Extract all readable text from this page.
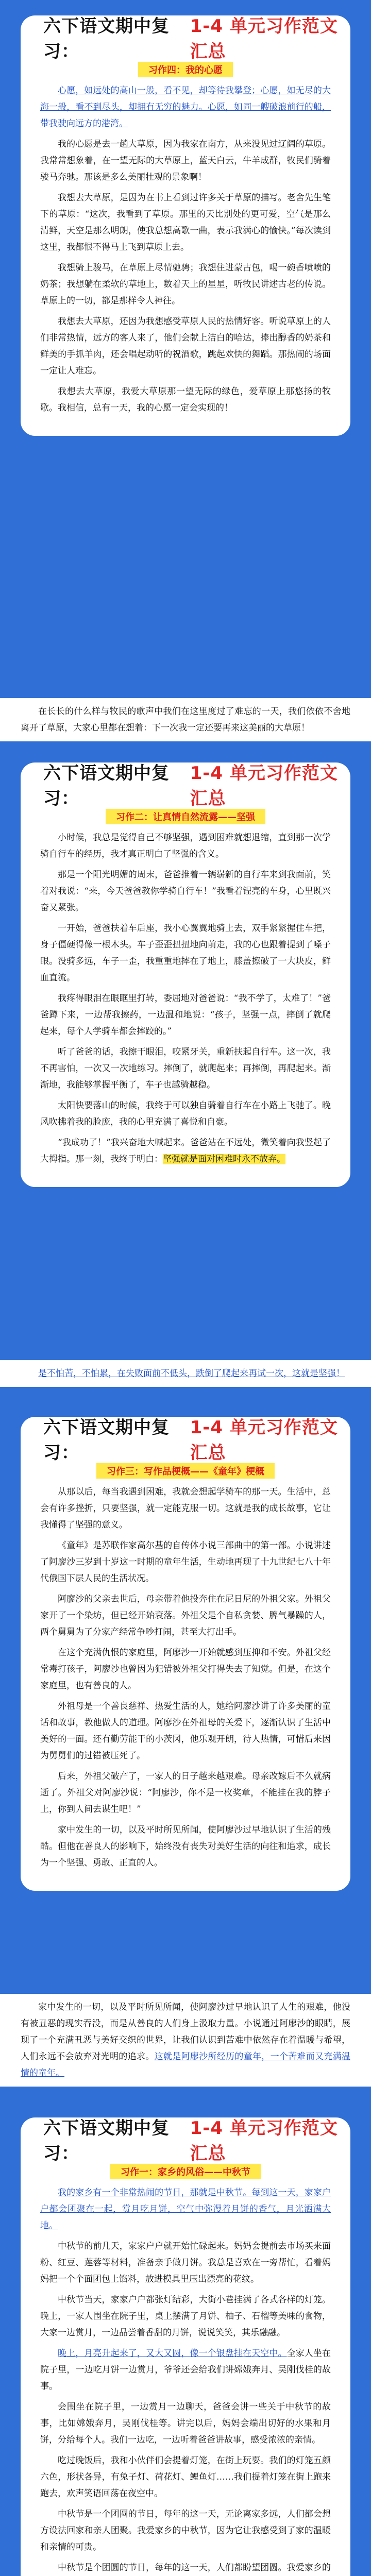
六下语文期中复习：
1-4 单元习作范文汇总
习作四：我的心愿

心愿，如远处的高山一般，看不见，却等待我攀登；心愿，如无尽的大海一般，看不到尽头，却拥有无穷的魅力。心愿，如同一艘破浪前行的船，带我驶向远方的港湾。

我的心愿是去一趟大草原，因为我家在南方，从来没见过辽阔的草原。我常常想象着，在一望无际的大草原上，蓝天白云，牛羊成群，牧民们骑着骏马奔驰。那该是多么美丽壮观的景象啊！

我想去大草原，是因为在书上看到过许多关于草原的描写。老舍先生笔下的草原：“这次，我看到了草原。那里的天比别处的更可爱，空气是那么清鲜，天空是那么明朗，使我总想高歌一曲，表示我满心的愉快。”每次读到这里，我都恨不得马上飞到草原上去。

我想骑上骏马，在草原上尽情驰骋；我想住进蒙古包，喝一碗香喷喷的奶茶；我想躺在柔软的草地上，数着天上的星星，听牧民讲述古老的传说。草原上的一切，都是那样令人神往。

我想去大草原，还因为我想感受草原人民的热情好客。听说草原上的人们非常热情，远方的客人来了，他们会献上洁白的哈达，捧出醇香的奶茶和鲜美的手抓羊肉，还会唱起动听的祝酒歌，跳起欢快的舞蹈。那热闹的场面一定让人难忘。

我想去大草原，我爱大草原那一望无际的绿色，爱草原上那悠扬的牧歌。我相信，总有一天，我的心愿一定会实现的！

在长长的什么样与牧民的歌声中我们在这里度过了难忘的一天，我们依依不舍地离开了草原，大家心里都在想着：下一次我一定还要再来这美丽的大草原！

六下语文期中复习：
1-4 单元习作范文汇总
习作二：让真情自然流露——坚强

小时候，我总是觉得自己不够坚强，遇到困难就想退缩，直到那一次学骑自行车的经历，我才真正明白了坚强的含义。

那是一个阳光明媚的周末，爸爸推着一辆崭新的自行车来到我面前，笑着对我说：“来，今天爸爸教你学骑自行车！”我看着锃亮的车身，心里既兴奋又紧张。

一开始，爸爸扶着车后座，我小心翼翼地骑上去，双手紧紧握住车把，身子僵硬得像一根木头。车子歪歪扭扭地向前走，我的心也跟着提到了嗓子眼。没骑多远，车子一歪，我重重地摔在了地上，膝盖擦破了一大块皮，鲜血直流。

我疼得眼泪在眼眶里打转，委屈地对爸爸说：“我不学了，太难了！”爸爸蹲下来，一边帮我擦药，一边温和地说：“孩子，坚强一点，摔倒了就爬起来，每个人学骑车都会摔跤的。”

听了爸爸的话，我擦干眼泪，咬紧牙关，重新扶起自行车。这一次，我不再害怕，一次又一次地练习。摔倒了，就爬起来；再摔倒，再爬起来。渐渐地，我能够掌握平衡了，车子也越骑越稳。

太阳快要落山的时候，我终于可以独自骑着自行车在小路上飞驰了。晚风吹拂着我的脸庞，我的心里充满了喜悦和自豪。

“我成功了！”我兴奋地大喊起来。爸爸站在不远处，微笑着向我竖起了大拇指。那一刻，我终于明白：坚强就是面对困难时永不放弃。

是不怕苦，不怕累，在失败面前不低头，跌倒了爬起来再试一次，这就是坚强！

六下语文期中复习：
1-4 单元习作范文汇总
习作三：写作品梗概——《童年》梗概

从那以后，每当我遇到困难，我就会想起学骑车的那一天。生活中，总会有许多挫折，只要坚强，就一定能克服一切。这就是我的成长故事，它让我懂得了坚强的意义。

《童年》是苏联作家高尔基的自传体小说三部曲中的第一部。小说讲述了阿廖沙三岁到十岁这一时期的童年生活，生动地再现了十九世纪七八十年代俄国下层人民的生活状况。

阿廖沙的父亲去世后，母亲带着他投奔住在尼日尼的外祖父家。外祖父家开了一个染坊，但已经开始衰落。外祖父是个自私贪婪、脾气暴躁的人，两个舅舅为了分家产经常争吵打闹，甚至大打出手。

在这个充满仇恨的家庭里，阿廖沙一开始就感到压抑和不安。外祖父经常毒打孩子，阿廖沙也曾因为犯错被外祖父打得失去了知觉。但是，在这个家庭里，也有善良的人。

外祖母是一个善良慈祥、热爱生活的人，她给阿廖沙讲了许多美丽的童话和故事，教他做人的道理。阿廖沙在外祖母的关爱下，逐渐认识了生活中美好的一面。还有勤劳能干的小茨冈，他乐观开朗，待人热情，可惜后来因为舅舅们的过错被压死了。

后来，外祖父破产了，一家人的日子越来越艰难。母亲改嫁后不久就病逝了。外祖父对阿廖沙说：“阿廖沙，你不是一枚奖章，不能挂在我的脖子上，你到人间去谋生吧！”

家中发生的一切，以及平时所见所闻，使阿廖沙过早地认识了生活的残酷。但他在善良人的影响下，始终没有丧失对美好生活的向往和追求，成长为一个坚强、勇敢、正直的人。

家中发生的一切，以及平时所见所闻，使阿廖沙过早地认识了人生的艰难，他没有被丑恶的现实吞没，而是从善良的人们身上汲取力量。小说通过阿廖沙的眼睛，展现了一个充满丑恶与美好交织的世界，让我们认识到苦难中依然存在着温暖与希望，人们永远不会放弃对光明的追求。这就是阿廖沙所经历的童年，一个苦难而又充满温情的童年。

六下语文期中复习：
1-4 单元习作范文汇总
习作一：家乡的风俗——中秋节

我的家乡有一个非常热闹的节日，那就是中秋节。每到这一天，家家户户都会团聚在一起，赏月吃月饼，空气中弥漫着月饼的香气，月光洒满大地。

中秋节的前几天，家家户户就开始忙碌起来。妈妈会提前去市场买来面粉、红豆、莲蓉等材料，准备亲手做月饼。我总是喜欢在一旁帮忙，看着妈妈把一个个面团包上馅料，放进模具里压出漂亮的花纹。

中秋节当天，家家户户都张灯结彩，大街小巷挂满了各式各样的灯笼。晚上，一家人围坐在院子里，桌上摆满了月饼、柚子、石榴等美味的食物，大家一边赏月，一边品尝着香甜的月饼，说说笑笑，其乐融融。

晚上，月亮升起来了，又大又圆，像一个银盘挂在天空中。全家人坐在院子里，一边吃月饼一边赏月，爷爷还会给我们讲嫦娥奔月、吴刚伐桂的故事。

会围坐在院子里，一边赏月一边聊天，爸爸会讲一些关于中秋节的故事，比如嫦娥奔月，吴刚伐桂等。讲完以后，妈妈会端出切好的水果和月饼，分给每个人。我们一边吃，一边听着爸爸讲故事，感受浓浓的亲情。

吃过晚饭后，我和小伙伴们会提着灯笼，在街上玩耍。我们的灯笼五颜六色，形状各异，有兔子灯、荷花灯、鲤鱼灯……我们提着灯笼在街上跑来跑去，欢声笑语回荡在夜空中。

中秋节是一个团圆的节日，每年的这一天，无论离家多远，人们都会想方设法回家和亲人团聚。我爱家乡的中秋节，因为它让我感受到了家的温暖和亲情的可贵。

中秋节是个团圆的节日，每年的这一天，人们都盼望团圆。我爱家乡的
